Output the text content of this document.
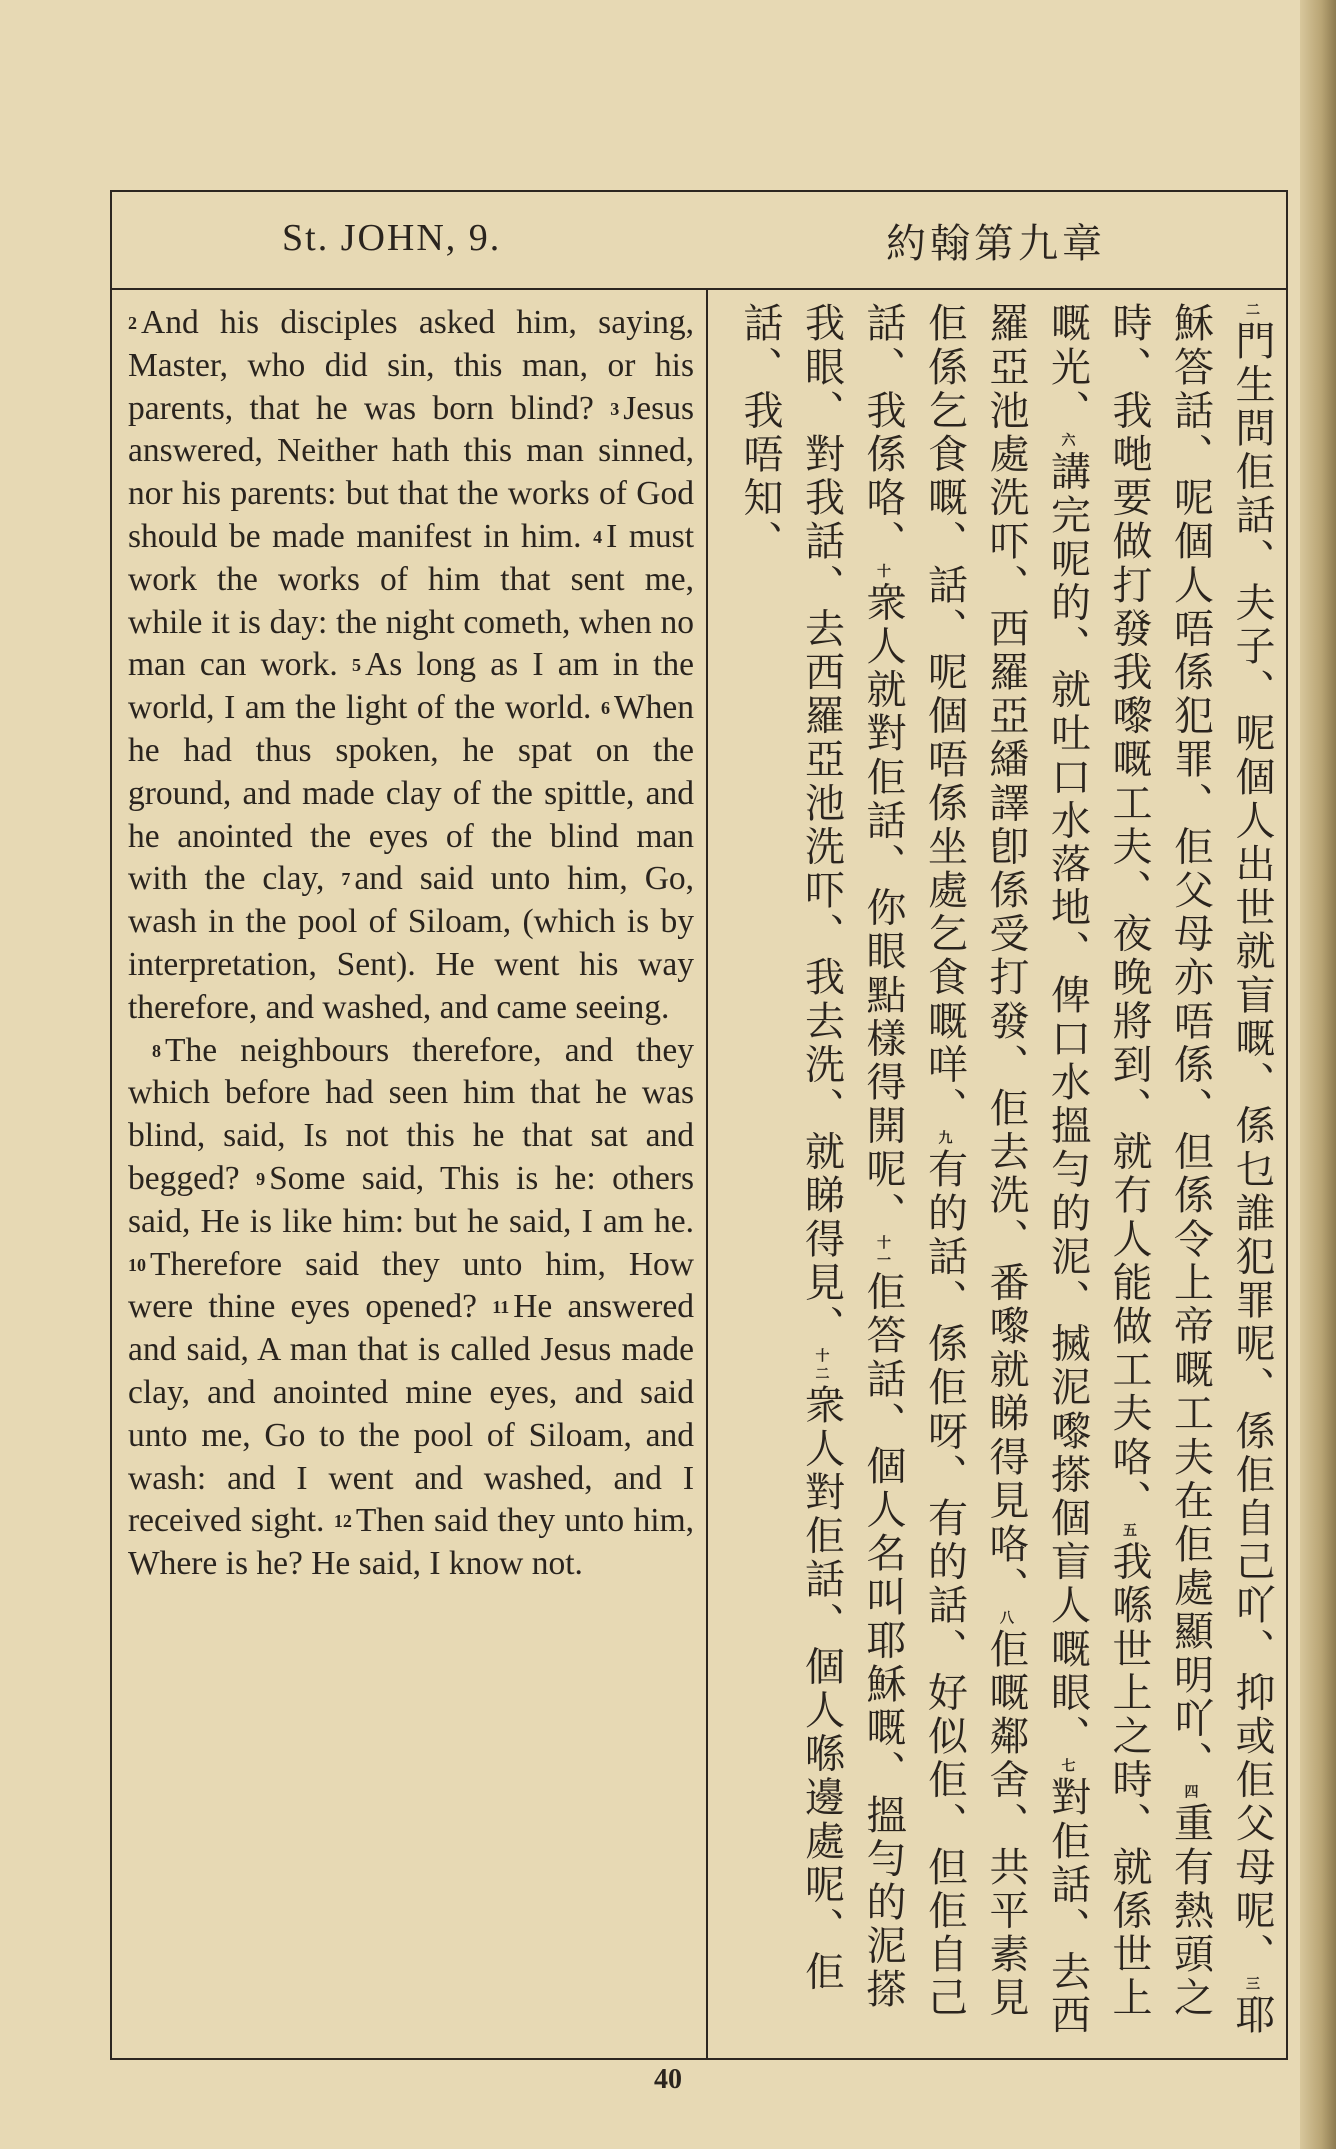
St. JOHN, 9.	約翰第九章

2 And his disciples asked him, saying, Master, who did sin, this man, or his parents, that he was born blind? 3 Jesus answered, Neither hath this man sinned, nor his parents: but that the works of God should be made manifest in him. 4 I must work the works of him that sent me, while it is day: the night cometh, when no man can work. 5 As long as I am in the world, I am the light of the world. 6 When he had thus spoken, he spat on the ground, and made clay of the spittle, and he anointed the eyes of the blind man with the clay, 7 and said unto him, Go, wash in the pool of Siloam, (which is by interpretation, Sent). He went his way therefore, and washed, and came seeing.

8 The neighbours therefore, and they which before had seen him that he was blind, said, Is not this he that sat and begged? 9 Some said, This is he: others said, He is like him: but he said, I am he. 10 Therefore said they unto him, How were thine eyes opened? 11 He answered and said, A man that is called Jesus made clay, and anointed mine eyes, and said unto me, Go to the pool of Siloam, and wash: and I went and washed, and I received sight. 12 Then said they unto him, Where is he? He said, I know not.

二門生問佢話、夫子、呢個人出世就盲嘅、係乜誰犯罪呢、係佢自己吖、抑或佢父母呢、三耶穌答話、呢個人唔係犯罪、佢父母亦唔係、但係令上帝嘅工夫在佢處顯明吖、四重有熱頭之時、我哋要做打發我嚟嘅工夫、夜晚將到、就冇人能做工夫咯、五我喺世上之時、就係世上嘅光、六講完呢的、就吐口水落地、俾口水搵勻的泥、搣泥嚟搽個盲人嘅眼、七對佢話、去西羅亞池處洗吓、西羅亞繙譯卽係受打發、佢去洗、番嚟就睇得見咯、八佢嘅鄰舍、共平素見佢係乞食嘅、話、呢個唔係坐處乞食嘅咩、九有的話、係佢呀、有的話、好似佢、但佢自己話、我係咯、十衆人就對佢話、你眼點樣得開呢、十一佢答話、個人名叫耶穌嘅、搵勻的泥搽我眼、對我話、去西羅亞池洗吓、我去洗、就睇得見、十二衆人對佢話、個人喺邊處呢、佢話、我唔知、
40
